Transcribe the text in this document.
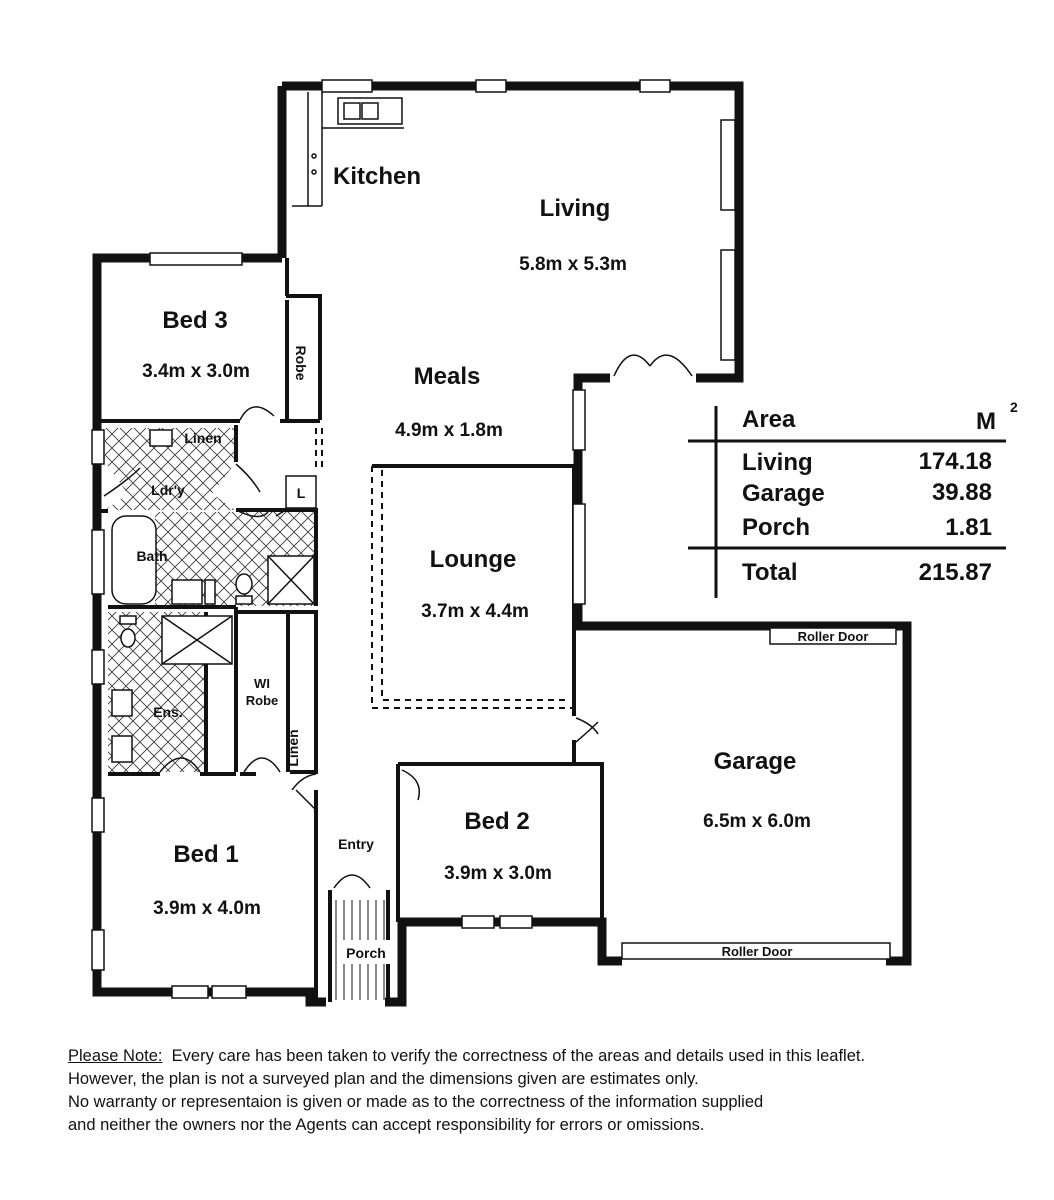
Kitchen
Living
5.8m x 5.3m
Meals
4.9m x 1.8m
Bed 3
3.4m x 3.0m	Robe
Linen
Ldr'y	L
Bath
Ens.
WI
Robe
Linen
Lounge
3.7m x 4.4m
Garage
6.5m x 6.0m
Roller Door
Roller Door
Bed 2
3.9m x 3.0m
Bed 1
3.9m x 4.0m
Entry
Porch
Area	M
2
Living	174.18
Garage	39.88
Porch	1.81
Total	215.87
Please Note: Every care has been taken to verify the correctness of the areas and details used in this leaflet.
However, the plan is not a surveyed plan and the dimensions given are estimates only.
No warranty or representaion is given or made as to the correctness of the information supplied
and neither the owners nor the Agents can accept responsibility for errors or omissions.
